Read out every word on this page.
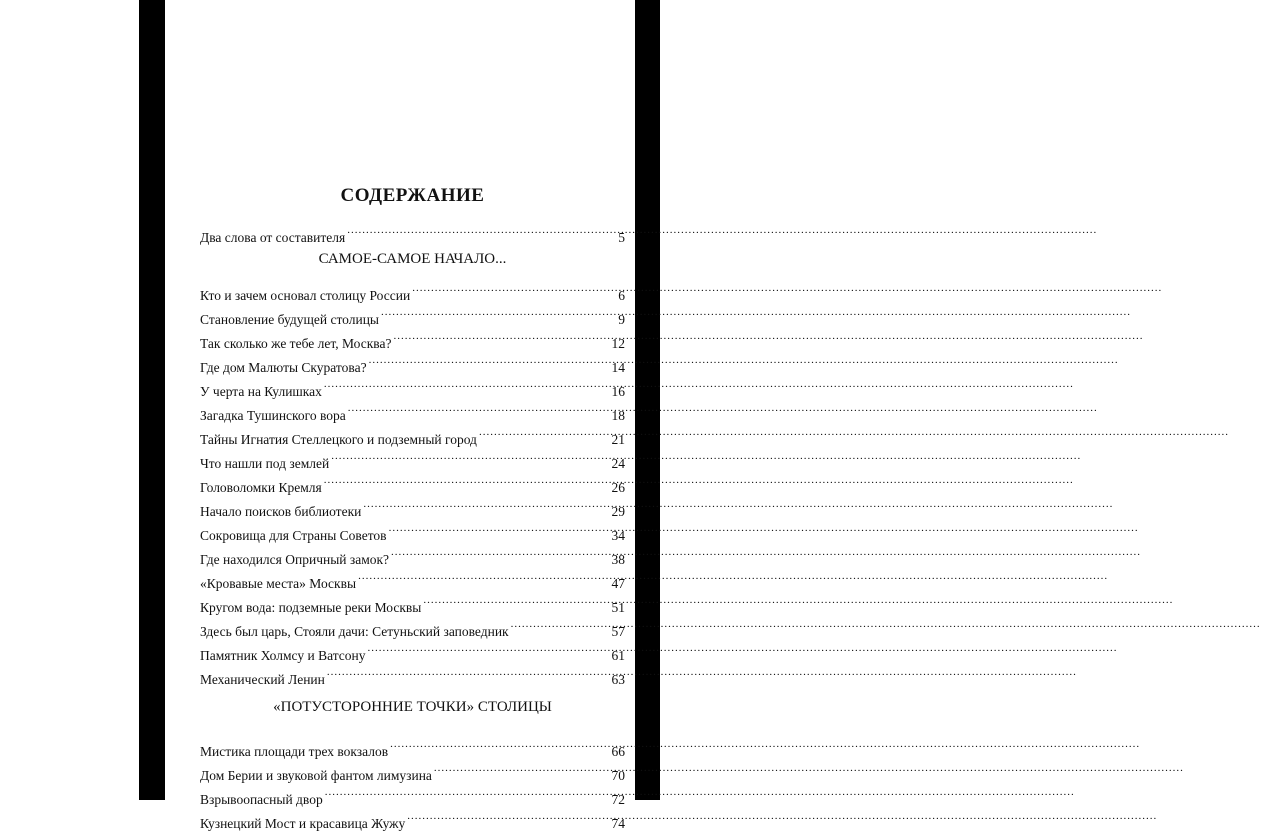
СОДЕРЖАНИЕ
Два слова от составителя .....	5
САМОЕ-САМОЕ НАЧАЛО...
Кто и зачем основал столицу России .....	6
Становление будущей столицы .....	9
Так сколько же тебе лет, Москва? .....	12
Где дом Малюты Скуратова? .....	14
У черта на Кулишках .....	16
Загадка Тушинского вора .....	18
Тайны Игнатия Стеллецкого и подземный город .....	21
Что нашли под землей .....	24
Головоломки Кремля .....	26
Начало поисков библиотеки .....	29
Сокровища для Страны Советов .....	34
Где находился Опричный замок? .....	38
«Кровавые места» Москвы .....	47
Кругом вода: подземные реки Москвы .....	51
Здесь был царь, Стояли дачи: Сетуньский заповедник .....	57
Памятник Холмсу и Ватсону .....	61
Механический Ленин .....	63
«ПОТУСТОРОННИЕ ТОЧКИ» СТОЛИЦЫ
Мистика площади трех вокзалов .....	66
Дом Берии и звуковой фантом лимузина .....	70
Взрывоопасный двор .....	72
Кузнецкий Мост и красавица Жужу .....	74
